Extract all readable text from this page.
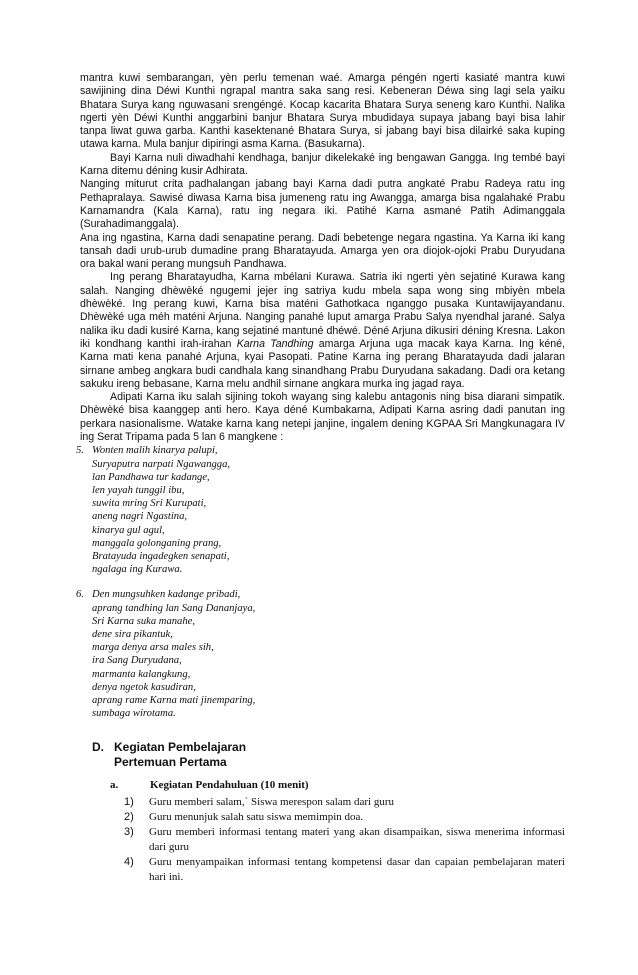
mantra kuwi sembarangan, yèn perlu temenan waé. Amarga péngén ngerti kasiaté mantra kuwi sawijining dina Déwi Kunthi ngrapal mantra saka sang resi. Kebeneran Déwa sing lagi sela yaiku Bhatara Surya kang nguwasani srengéngé. Kocap kacarita Bhatara Surya seneng karo Kunthi. Nalika ngerti yèn Déwi Kunthi anggarbini banjur Bhatara Surya mbudidaya supaya jabang bayi bisa lahir tanpa liwat guwa garba. Kanthi kasektenané Bhatara Surya, si jabang bayi bisa dilairké saka kuping utawa karna. Mula banjur dipiringi asma Karna. (Basukarna).

Bayi Karna nuli diwadhahi kendhaga, banjur dikelekaké ing bengawan Gangga. Ing tembé bayi Karna ditemu déning kusir Adhirata.

Nanging miturut crita padhalangan jabang bayi Karna dadi putra angkaté Prabu Radeya ratu ing Pethapralaya. Sawisé diwasa Karna bisa jumeneng ratu ing Awangga, amarga bisa ngalahaké Prabu Karnamandra (Kala Karna), ratu ing negara iki. Patihé Karna asmané Patih Adimanggala (Surahadimanggala).

Ana ing ngastina, Karna dadi senapatine perang. Dadi bebetenge negara ngastina. Ya Karna iki kang tansah dadi urub-urub dumadine prang Bharatayuda. Amarga yen ora diojok-ojoki Prabu Duryudana ora bakal wani perang mungsuh Pandhawa.

Ing perang Bharatayudha, Karna mbélani Kurawa. Satria iki ngerti yèn sejatiné Kurawa kang salah. Nanging dhèwèké ngugemi jejer ing satriya kudu mbela sapa wong sing mbiyèn mbela dhèwèké. Ing perang kuwi, Karna bisa maténi Gathotkaca nganggo pusaka Kuntawijayandanu. Dhèwèké uga méh maténi Arjuna. Nanging panahé luput amarga Prabu Salya nyendhal jarané. Salya nalika iku dadi kusiré Karna, kang sejatiné mantuné dhéwé. Déné Arjuna dikusiri déning Kresna. Lakon iki kondhang kanthi irah-irahan Karna Tandhing amarga Arjuna uga macak kaya Karna. Ing kéné, Karna mati kena panahé Arjuna, kyai Pasopati. Patine Karna ing perang Bharatayuda dadi jalaran sirnane ambeg angkara budi candhala kang sinandhang Prabu Duryudana sakadang. Dadi ora ketang sakuku ireng bebasane, Karna melu andhil sirnane angkara murka ing jagad raya.

Adipati Karna iku salah sijining tokoh wayang sing kalebu antagonis ning bisa diarani simpatik. Dhèwèké bisa kaanggep anti hero. Kaya déné Kumbakarna, Adipati Karna asring dadi panutan ing perkara nasionalisme. Watake karna kang netepi janjine, ingalem dening KGPAA Sri Mangkunagara IV ing Serat Tripama pada 5 lan 6 mangkene :

5. Wonten malih kinarya palupi,

Suryaputra narpati Ngawangga,
lan Pandhawa tur kadange,
len yayah tunggil ibu,
suwita mring Sri Kurupati,
aneng nagri Ngastina,
kinarya gul agul,
manggala golonganing prang,
Bratayuda ingadegken senapati,
ngalaga ing Kurawa.

6. Den mungsuhken kadange pribadi,

aprang tandhing lan Sang Dananjaya,
Sri Karna suka manahe,
dene sira pikantuk,
marga denya arsa males sih,
ira Sang Duryudana,
marmanta kalangkung,
denya ngetok kasudiran,
aprang rame Karna mati jinemparing,
sumbaga wirotama.
D. Kegiatan Pembelajaran
Pertemuan Pertama
a.	Kegiatan Pendahuluan (10 menit)
1)	Guru memberi salam,` Siswa merespon salam dari guru
2)	Guru menunjuk salah satu siswa memimpin doa.
3)	Guru memberi informasi tentang materi yang akan disampaikan, siswa menerima informasi dari guru
4)	Guru menyampaikan informasi tentang kompetensi dasar dan capaian pembelajaran materi hari ini.
